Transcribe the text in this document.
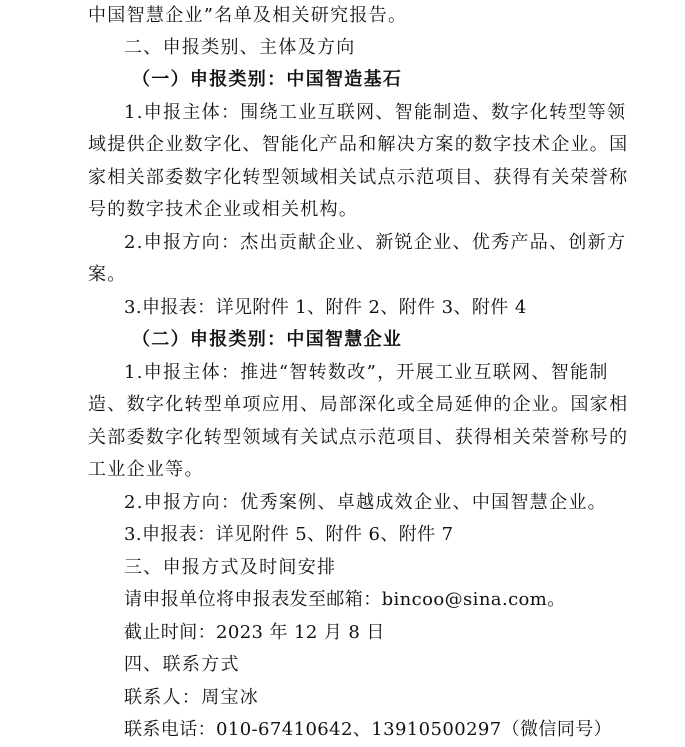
中国智慧企业”名单及相关研究报告。
二、申报类别、主体及方向
（一）申报类别：中国智造基石
1.申报主体：围绕工业互联网、智能制造、数字化转型等领
域提供企业数字化、智能化产品和解决方案的数字技术企业。国
家相关部委数字化转型领域相关试点示范项目、获得有关荣誉称
号的数字技术企业或相关机构。
2.申报方向：杰出贡献企业、新锐企业、优秀产品、创新方
案。
3.申报表：详见附件 1、附件 2、附件 3、附件 4
（二）申报类别：中国智慧企业
1.申报主体：推进“智转数改”，开展工业互联网、智能制
造、数字化转型单项应用、局部深化或全局延伸的企业。国家相
关部委数字化转型领域有关试点示范项目、获得相关荣誉称号的
工业企业等。
2.申报方向：优秀案例、卓越成效企业、中国智慧企业。
3.申报表：详见附件 5、附件 6、附件 7
三、申报方式及时间安排
请申报单位将申报表发至邮箱：bincoo@sina.com。
截止时间：2023 年 12 月 8 日
四、联系方式
联系人：周宝冰
联系电话：010-67410642、13910500297（微信同号）
